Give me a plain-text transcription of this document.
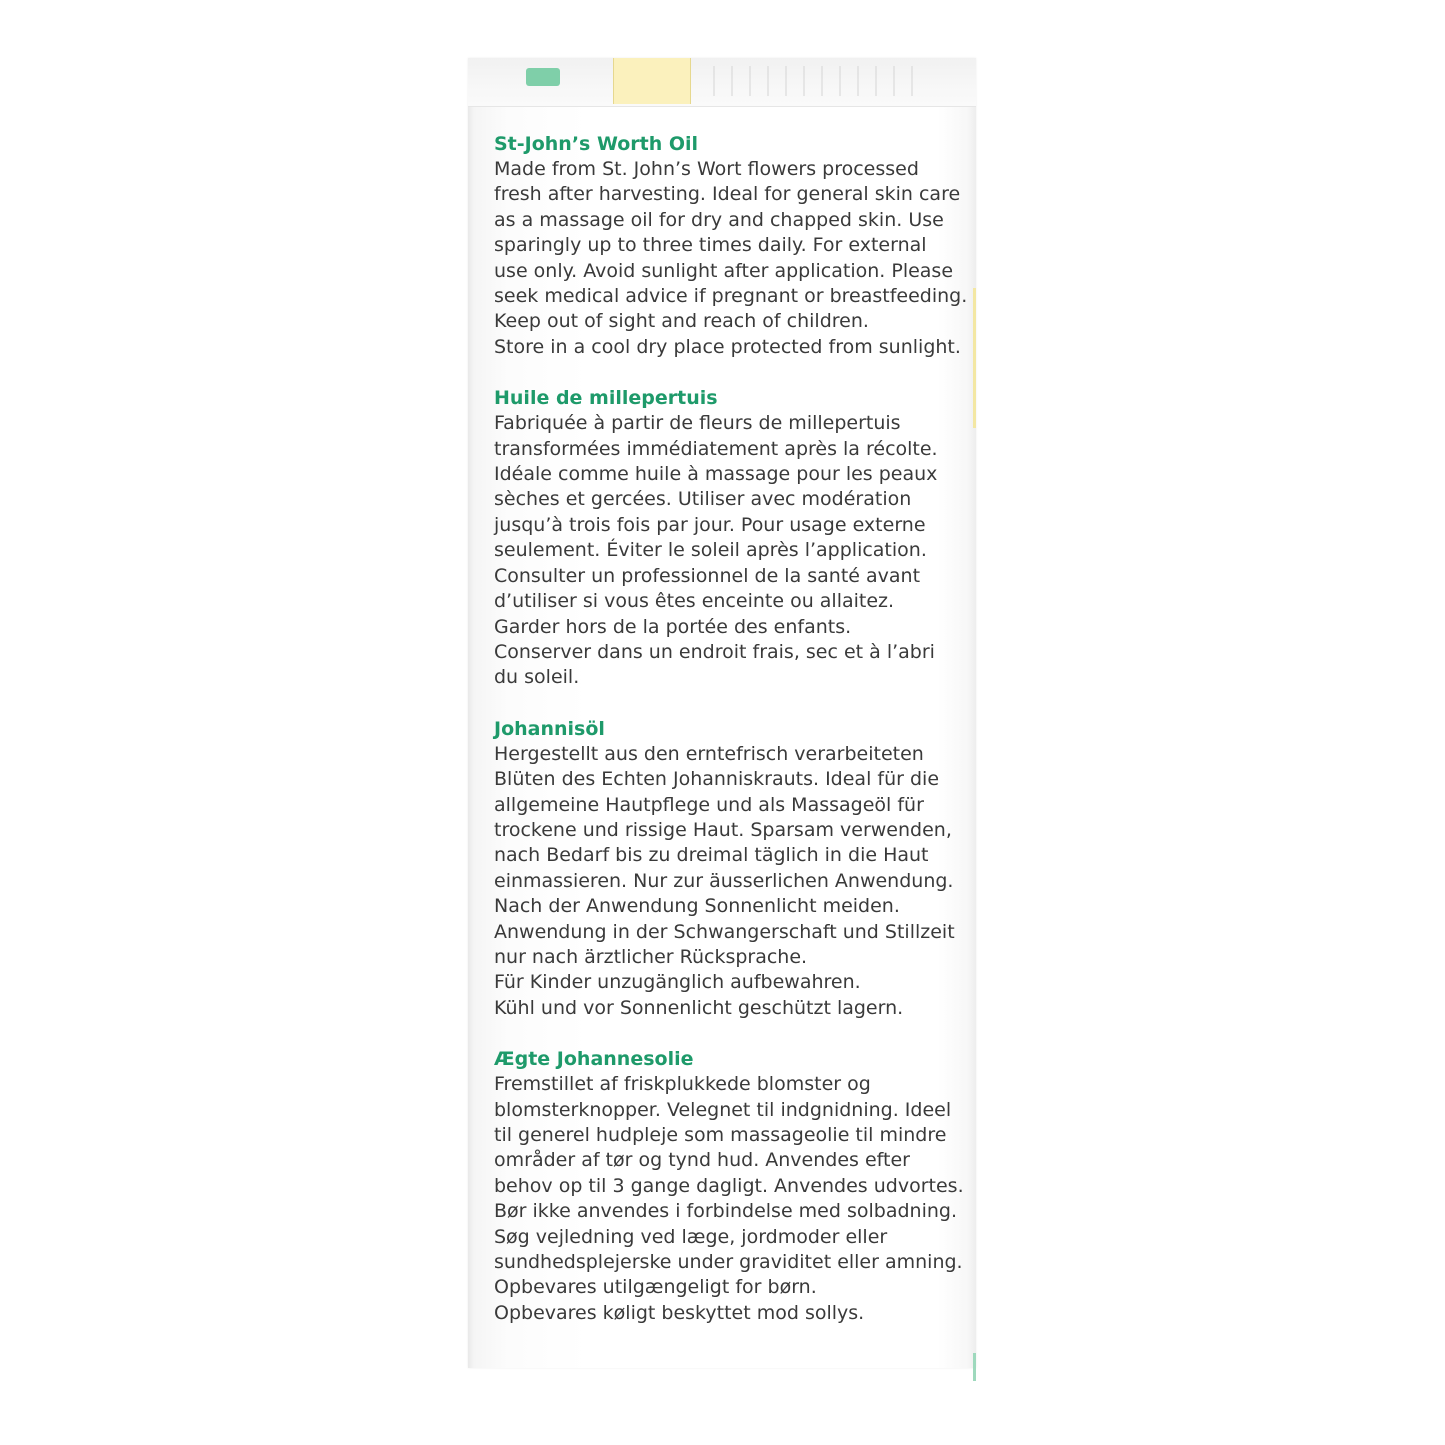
St-John’s Worth Oil
Made from St. John’s Wort flowers processed
fresh after harvesting. Ideal for general skin care
as a massage oil for dry and chapped skin. Use
sparingly up to three times daily. For external
use only. Avoid sunlight after application. Please
seek medical advice if pregnant or breastfeeding.
Keep out of sight and reach of children.
Store in a cool dry place protected from sunlight.
Huile de millepertuis
Fabriquée à partir de fleurs de millepertuis
transformées immédiatement après la récolte.
Idéale comme huile à massage pour les peaux
sèches et gercées. Utiliser avec modération
jusqu’à trois fois par jour. Pour usage externe
seulement. Éviter le soleil après l’application.
Consulter un professionnel de la santé avant
d’utiliser si vous êtes enceinte ou allaitez.
Garder hors de la portée des enfants.
Conserver dans un endroit frais, sec et à l’abri
du soleil.
Johannisöl
Hergestellt aus den erntefrisch verarbeiteten
Blüten des Echten Johanniskrauts. Ideal für die
allgemeine Hautpflege und als Massageöl für
trockene und rissige Haut. Sparsam verwenden,
nach Bedarf bis zu dreimal täglich in die Haut
einmassieren. Nur zur äusserlichen Anwendung.
Nach der Anwendung Sonnenlicht meiden.
Anwendung in der Schwangerschaft und Stillzeit
nur nach ärztlicher Rücksprache.
Für Kinder unzugänglich aufbewahren.
Kühl und vor Sonnenlicht geschützt lagern.
Ægte Johannesolie
Fremstillet af friskplukkede blomster og
blomsterknopper. Velegnet til indgnidning. Ideel
til generel hudpleje som massageolie til mindre
områder af tør og tynd hud. Anvendes efter
behov op til 3 gange dagligt. Anvendes udvortes.
Bør ikke anvendes i forbindelse med solbadning.
Søg vejledning ved læge, jordmoder eller
sundhedsplejerske under graviditet eller amning.
Opbevares utilgængeligt for børn.
Opbevares køligt beskyttet mod sollys.
